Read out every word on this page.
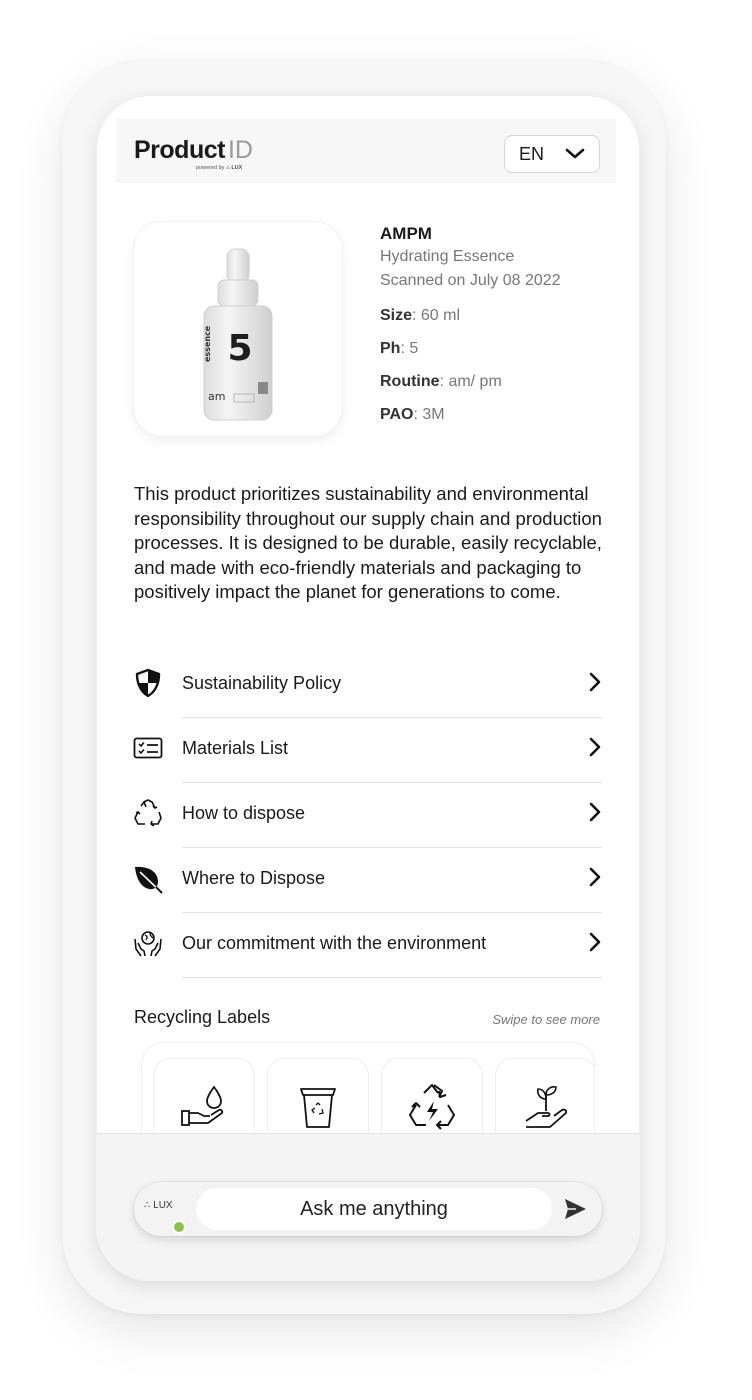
Product ID
powered by ∴ LUX
EN
5
essence
am
AMPM
Hydrating Essence
Scanned on July 08 2022
Size: 60 ml
Ph: 5
Routine: am/ pm
PAO: 3M

This product prioritizes sustainability and environmental responsibility throughout our supply chain and production processes. It is designed to be durable, easily recyclable, and made with eco-friendly materials and packaging to positively impact the planet for generations to come.

Sustainability Policy
Materials List
How to dispose
Where to Dispose
Our commitment with the environment
Recycling Labels	Swipe to see more
∴ LUX
Ask me anything
